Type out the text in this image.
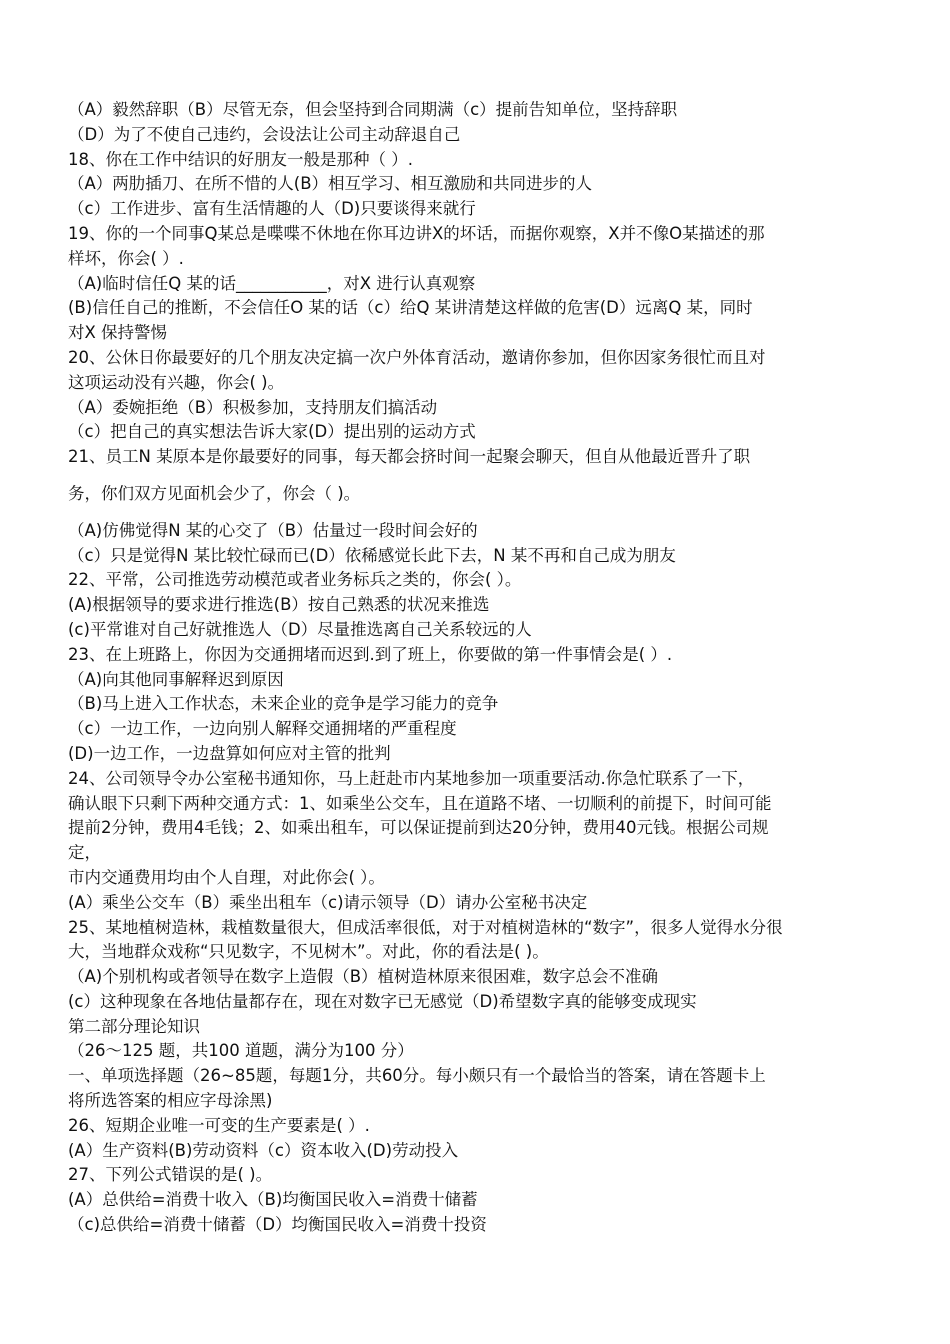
（A）毅然辞职（B）尽管无奈，但会坚持到合同期满（c）提前告知单位，坚持辞职
（D）为了不使自己违约，会设法让公司主动辞退自己
18、你在工作中结识的好朋友一般是那种（ ）.
（A）两肋插刀、在所不惜的人(B）相互学习、相互激励和共同进步的人
（c）工作进步、富有生活情趣的人（D)只要谈得来就行
19、你的一个同事Q某总是喋喋不休地在你耳边讲X的坏话，而据你观察，X并不像O某描述的那
样坏，你会( ）.
（A)临时信任Q 某的话___________，对X 进行认真观察
(B)信任自己的推断，不会信任O 某的话（c）给Q 某讲清楚这样做的危害(D）远离Q 某，同时
对X 保持警惕
20、公休日你最要好的几个朋友决定搞一次户外体育活动，邀请你参加，但你因家务很忙而且对
这项运动没有兴趣，你会( )。
（A）委婉拒绝（B）积极参加，支持朋友们搞活动
（c）把自己的真实想法告诉大家(D）提出别的运动方式
21、员工N 某原本是你最要好的同事，每天都会挤时间一起聚会聊天，但自从他最近晋升了职
务，你们双方见面机会少了，你会（ )。
（A)仿佛觉得N 某的心交了（B）估量过一段时间会好的
（c）只是觉得N 某比较忙碌而已(D）依稀感觉长此下去，N 某不再和自己成为朋友
22、平常，公司推选劳动模范或者业务标兵之类的，你会( ）。
(A)根据领导的要求进行推选(B）按自己熟悉的状况来推选
(c)平常谁对自己好就推选人（D）尽量推选离自己关系较远的人
23、在上班路上，你因为交通拥堵而迟到.到了班上，你要做的第一件事情会是( ）.
（A)向其他同事解释迟到原因
（B)马上进入工作状态，未来企业的竞争是学习能力的竞争
（c）一边工作，一边向别人解释交通拥堵的严重程度
(D)一边工作，一边盘算如何应对主管的批判
24、公司领导令办公室秘书通知你，马上赶赴市内某地参加一项重要活动.你急忙联系了一下，
确认眼下只剩下两种交通方式：1、如乘坐公交车，且在道路不堵、一切顺利的前提下，时间可能
提前2分钟，费用4毛钱；2、如乘出租车，可以保证提前到达20分钟，费用40元钱。根据公司规
定，
市内交通费用均由个人自理，对此你会( ）。
(A）乘坐公交车（B）乘坐出租车（c)请示领导（D）请办公室秘书决定
25、某地植树造林，栽植数量很大，但成活率很低，对于对植树造林的“数字”，很多人觉得水分很
大，当地群众戏称“只见数字，不见树木”。对此，你的看法是( )。
（A)个别机构或者领导在数字上造假（B）植树造林原来很困难，数字总会不准确
(c）这种现象在各地估量都存在，现在对数字已无感觉（D)希望数字真的能够变成现实
第二部分理论知识
（26～125 题，共100 道题，满分为100 分）
一、单项选择题（26~85题，每题1分，共60分。每小颇只有一个最恰当的答案，请在答题卡上
将所选答案的相应字母涂黑)
26、短期企业唯一可变的生产要素是( ）.
(A）生产资料(B)劳动资料（c）资本收入(D)劳动投入
27、下列公式错误的是( )。
(A）总供给=消费十收入（B)均衡国民收入=消费十储蓄
（c)总供给=消费十储蓄（D）均衡国民收入=消费十投资
